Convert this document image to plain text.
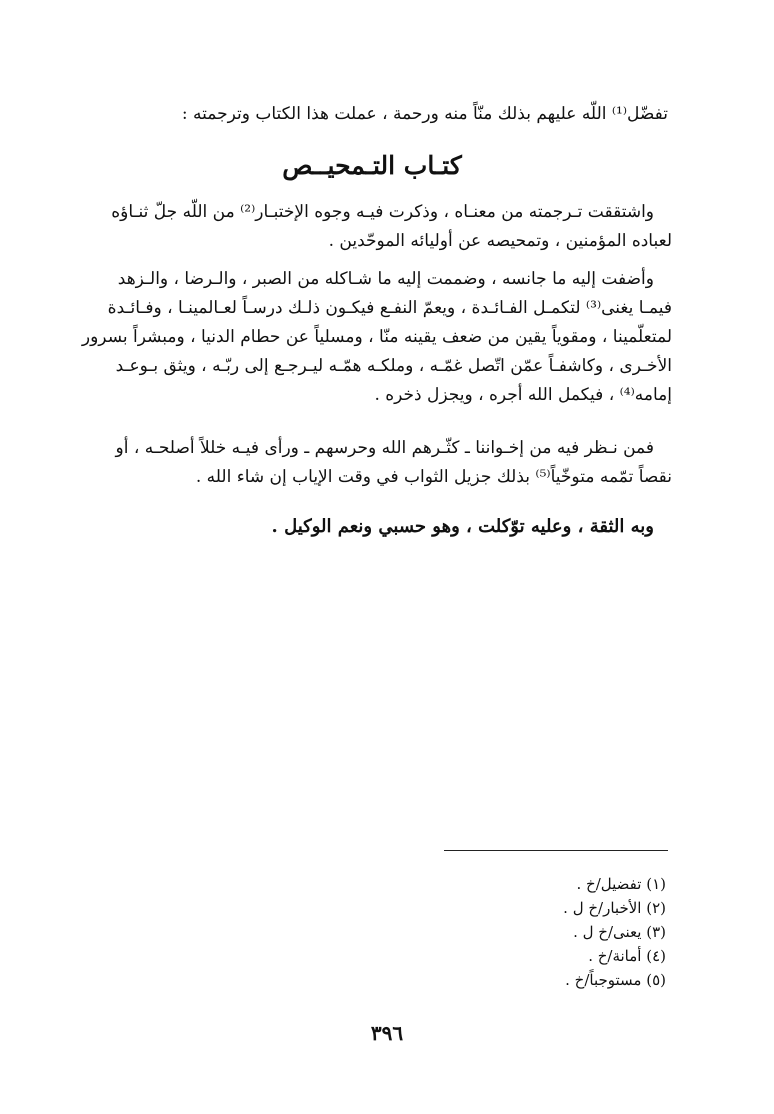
تفضّل⁽¹⁾ اللّه عليهم بذلك منّاً منه ورحمة ، عملت هذا الكتاب وترجمته :
كتـاب التـمحيــص
واشتققت تـرجمته من معنـاه ، وذكرت فيـه وجوه الإختبـار⁽²⁾ من اللّه جلّ ثنـاؤه
لعباده المؤمنين ، وتمحيصه عن أوليائه الموحّدين .
وأضفت إليه ما جانسه ، وضممت إليه ما شـاكله من الصبر ، والـرضا ، والـزهد
فيمـا يغنى⁽³⁾ لتكمـل الفـائـدة ، ويعمّ النفـع فيكـون ذلـك درسـاً لعـالمينـا ، وفـائـدة
لمتعلّمينا ، ومقوياً يقين من ضعف يقينه منّا ، ومسلياً عن حطام الدنيا ، ومبشراً بسرور
الأخـرى ، وكاشفـاً عمّن اتّصل غمّـه ، وملكـه همّـه ليـرجـع إلى ربّـه ، ويثق بـوعـد
إمامه⁽⁴⁾ ، فيكمل الله أجره ، ويجزل ذخره .
فمن نـظر فيه من إخـواننا ـ كثّـرهم الله وحرسهم ـ ورأى فيـه خللاً أصلحـه ، أو
نقصاً تمّمه متوخّياً⁽⁵⁾ بذلك جزيل الثواب في وقت الإياب إن شاء الله .
وبه الثقة ، وعليه توّكلت ، وهو حسبي ونعم الوكيل .
(١) تفضيل/خ .
(٢) الأخبار/خ ل .
(٣) يعنى/خ ل .
(٤) أمانة/خ .
(٥) مستوجباً/خ .
٣٩٦
